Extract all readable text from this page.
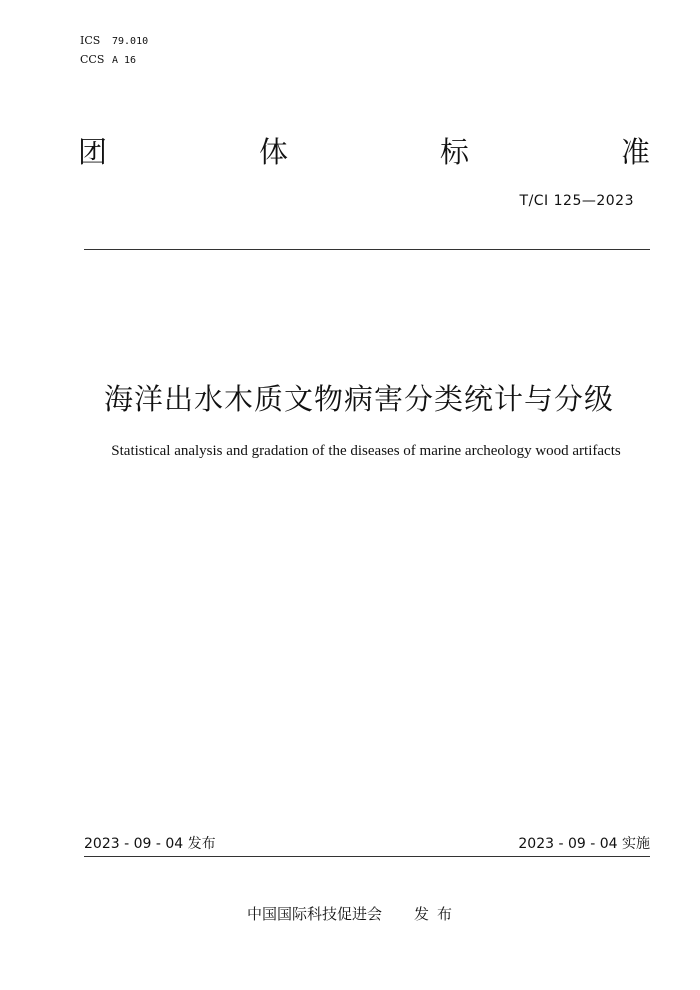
ICS 79.010
CCS A 16
团	体	标	准
T/CI 125—2023
海洋出水木质文物病害分类统计与分级
Statistical analysis and gradation of the diseases of marine archeology wood artifacts
2023 - 09 - 04 发布	2023 - 09 - 04 实施
中国国际科技促进会 发布
